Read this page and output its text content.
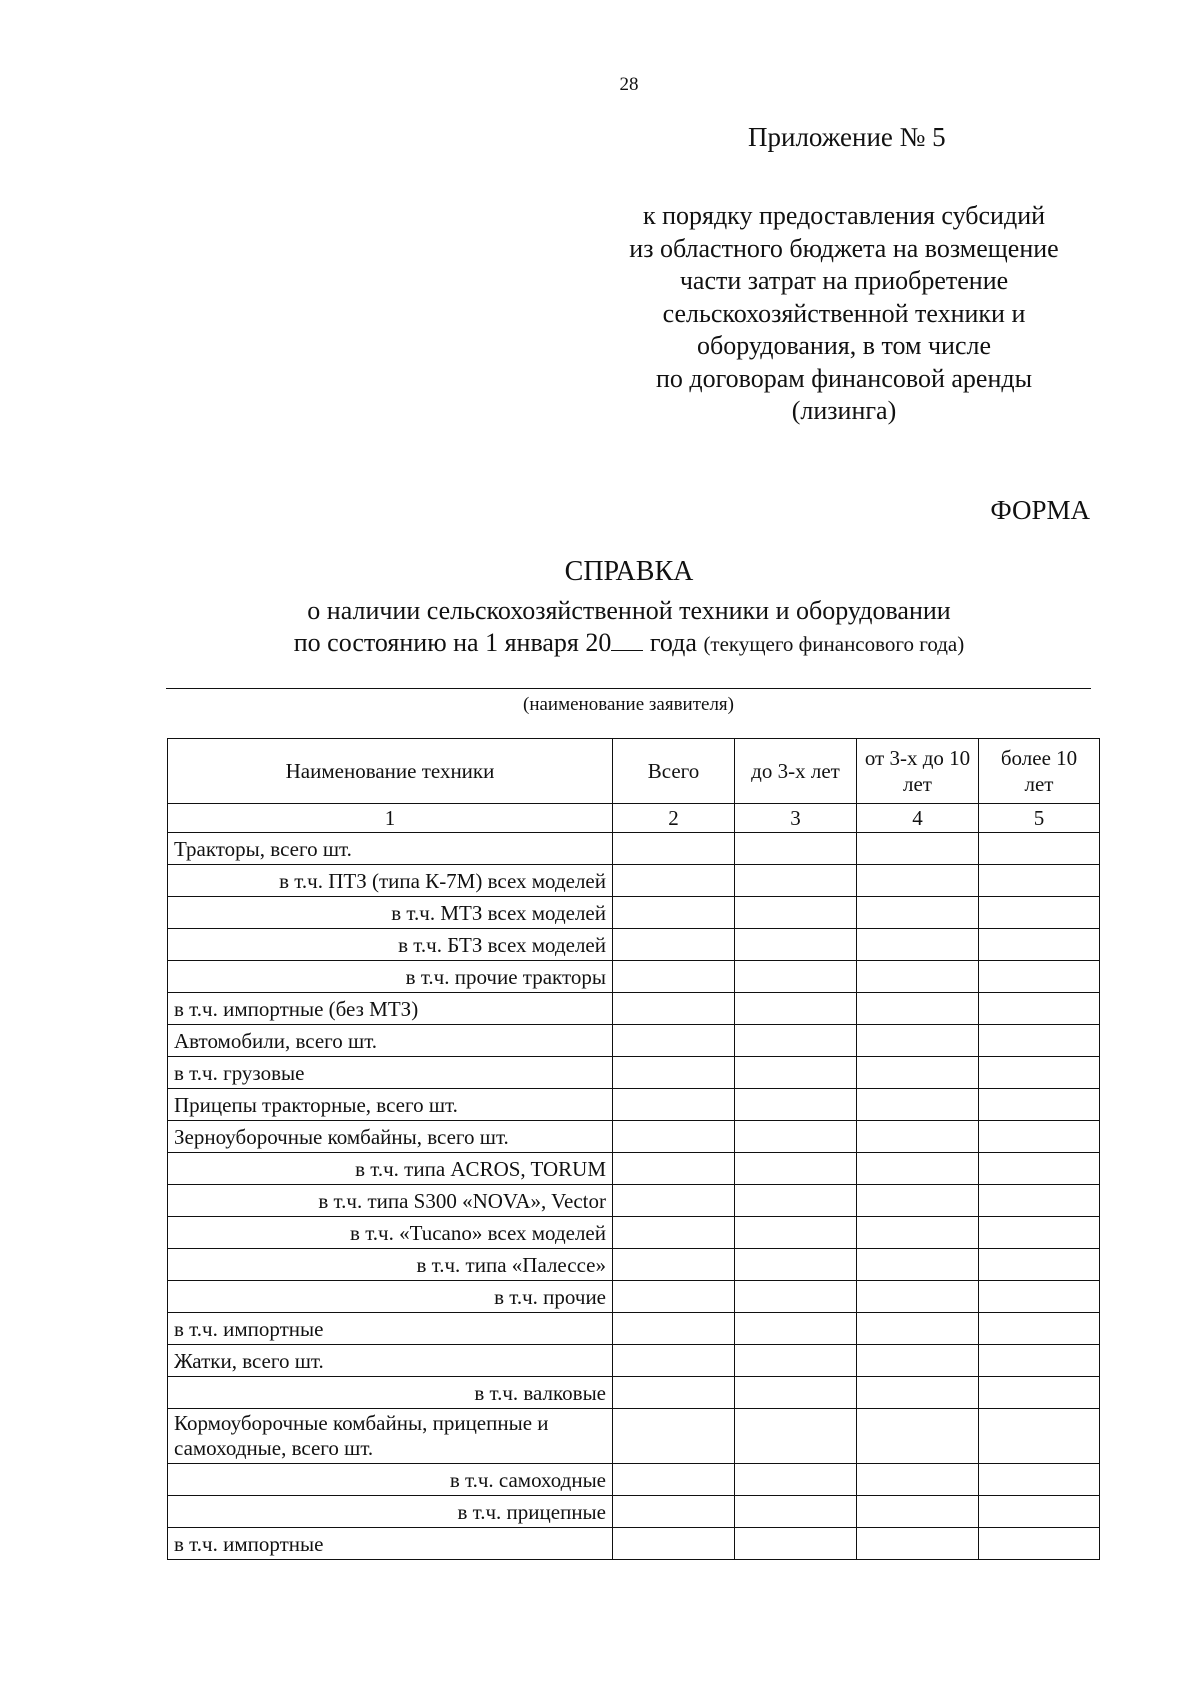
28
Приложение № 5
к порядку предоставления субсидий
из областного бюджета на возмещение
части затрат на приобретение
сельскохозяйственной техники и
оборудования, в том числе
по договорам финансовой аренды
(лизинга)
ФОРМА
СПРАВКА
о наличии сельскохозяйственной техники и оборудовании
по состоянию на 1 января 20 года (текущего финансового года)
(наименование заявителя)
Наименование техники	Всего	до 3-х лет	от 3-х до 10 лет	более 10 лет
1	2	3	4	5
Тракторы, всего шт.				
в т.ч. ПТЗ (типа К-7М) всех моделей				
в т.ч. МТЗ всех моделей				
в т.ч. БТЗ всех моделей				
в т.ч. прочие тракторы				
в т.ч. импортные (без МТЗ)				
Автомобили, всего шт.				
в т.ч. грузовые				
Прицепы тракторные, всего шт.				
Зерноуборочные комбайны, всего шт.				
в т.ч. типа ACROS, TORUM				
в т.ч. типа S300 «NOVA», Vector				
в т.ч. «Tucano» всех моделей				
в т.ч. типа «Палессе»				
в т.ч. прочие				
в т.ч. импортные				
Жатки, всего шт.				
в т.ч. валковые				
Кормоуборочные комбайны, прицепные и самоходные, всего шт.				
в т.ч. самоходные				
в т.ч. прицепные				
в т.ч. импортные				
